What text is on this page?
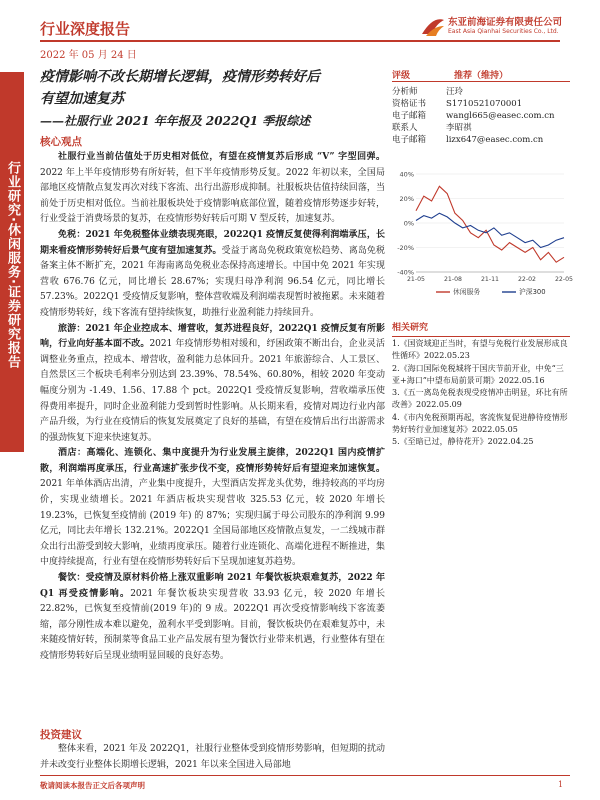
行业研究·休闲服务·证券研究报告
行业深度报告
2022 年 05 月 24 日
东亚前海证券有限责任公司
East Asia Qianhai Securities Co., Ltd.
疫情影响不改长期增长逻辑，疫情形势转好后
有望加速复苏
——社服行业 2021 年年报及 2022Q1 季报综述
核心观点

社服行业当前估值处于历史相对低位，有望在疫情复苏后形成 “V” 字型回弹。2022 年上半年疫情形势有所好转，但下半年疫情形势反复。2022 年初以来，全国局部地区疫情散点复发再次对线下客流、出行出游形成抑制。社服板块估值持续回落，当前处于历史相对低位。当前社服板块处于疫情影响底部位置，随着疫情形势逐步好转，行业受益于消费场景的复苏，在疫情形势好转后可期 V 型反转，加速复苏。

免税：2021 年免税整体业绩表现亮眼，2022Q1 疫情反复使得利润端承压，长期来看疫情形势转好后景气度有望加速复苏。受益于离岛免税政策宽松趋势、离岛免税备案主体不断扩充，2021 年海南离岛免税业态保持高速增长。中国中免 2021 年实现营收 676.76 亿元，同比增长 28.67%；实现归母净利润 96.54 亿元，同比增长 57.23%。2022Q1 受疫情反复影响，整体营收端及利润端表现暂时被拖累。未来随着疫情形势转好，线下客流有望持续恢复，助推行业盈利能力持续回升。

旅游：2021 年企业控成本、增营收，复苏进程良好，2022Q1 疫情反复有所影响，行业向好基本面不改。2021 年疫情形势相对缓和，纾困政策不断出台，企业灵活调整业务重点，控成本、增营收，盈利能力总体回升。2021 年旅游综合、人工景区、自然景区三个板块毛利率分别达到 23.39%、78.54%、60.80%，相较 2020 年变动幅度分别为 -1.49、1.56、17.88 个 pct。2022Q1 受疫情反复影响，营收端承压使得费用率提升，同时企业盈利能力受到暂时性影响。从长期来看，疫情对周边行业内部产品升级，为行业在疫情后的恢复发展奠定了良好的基础，有望在疫情后出行出游需求的强劲恢复下迎来快速复苏。

酒店：高端化、连锁化、集中度提升为行业发展主旋律，2022Q1 国内疫情扩散，利润端再度承压，行业高速扩张步伐不变，疫情形势转好后有望迎来加速恢复。2021 年单体酒店出清，产业集中度提升，大型酒店发挥龙头优势，维持较高的平均房价，实现业绩增长。2021 年酒店板块实现营收 325.53 亿元，较 2020 年增长 19.23%，已恢复至疫情前 (2019 年) 的 87%；实现归属于母公司股东的净利润 9.99 亿元，同比去年增长 132.21%。2022Q1 全国局部地区疫情散点复发，一二线城市群众出行出游受到较大影响，业绩再度承压。随着行业连锁化、高端化进程不断推进，集中度持续提高，行业有望在疫情形势转好后下呈现加速复苏趋势。

餐饮：受疫情及原材料价格上涨双重影响 2021 年餐饮板块艰难复苏，2022 年 Q1 再受疫情影响。2021 年餐饮板块实现营收 33.93 亿元，较 2020 年增长 22.82%，已恢复至疫情前(2019 年)的 9 成。2022Q1 再次受疫情影响线下客流萎缩，部分刚性成本难以避免，盈利水平受到影响。目前，餐饮板块仍在艰难复苏中，未来随疫情好转，预制菜等食品工业产品发展有望为餐饮行业带来机遇，行业整体有望在疫情形势转好后呈现业绩明显回暖的良好态势。

投资建议

整体来看，2021 年及 2022Q1，社服行业整体受到疫情形势影响，但短期的扰动并未改变行业整体长期增长逻辑，2021 年以来全国进入局部地

评级	推荐（维持）
分析师	汪玲
资格证书	S1710521070001
电子邮箱	wangl665@easec.com.cn
联系人	李昭祺
电子邮箱	lizx647@easec.com.cn
40%
20%
0%
-20%
-40%
21-05	21-08	21-11	22-02	22-05
休闲服务	沪深300
相关研究
1.《国资域迎正当时，有望与免税行业发展形成良性循环》2022.05.23
2.《海口国际免税城将于国庆节前开业，中免“三亚+海口”中望布局前景可期》2022.05.16
3.《五一离岛免税表现受疫情冲击明显，环比有所改善》2022.05.09
4.《市内免税预期再起，客流恢复促进静待疫情形势好转行业加速复苏》2022.05.05
5.《至暗已过，静待花开》2022.04.25
敬请阅读本报告正文后各项声明	1
